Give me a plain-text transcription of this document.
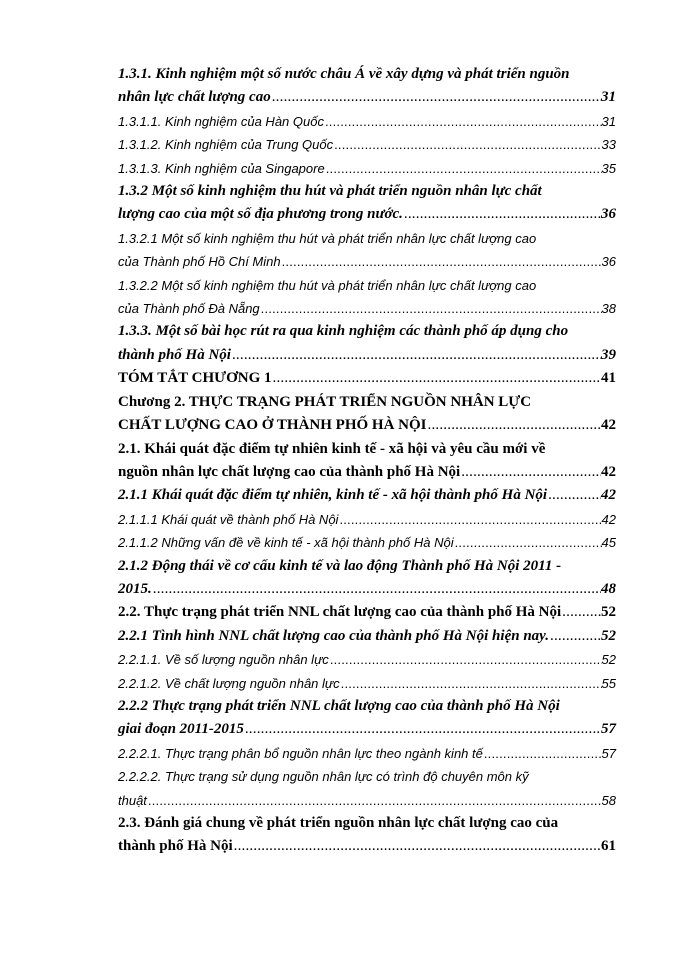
1.3.1. Kinh nghiệm một số nước châu Á về xây dựng và phát triển nguồn
nhân lực chất lượng cao .....	31
1.3.1.1. Kinh nghiệm của Hàn Quốc .....	31
1.3.1.2. Kinh nghiệm của Trung Quốc .....	33
1.3.1.3. Kinh nghiệm của Singapore .....	35
1.3.2 Một số kinh nghiệm thu hút và phát triển nguồn nhân lực chất
lượng cao của một số địa phương trong nước. .....	36
1.3.2.1 Một số kinh nghiệm thu hút và phát triển nhân lực chất lượng cao
của Thành phố Hồ Chí Minh .....	36
1.3.2.2 Một số kinh nghiệm thu hút và phát triển nhân lực chất lượng cao
của Thành phố Đà Nẵng .....	38
1.3.3. Một số bài học rút ra qua kinh nghiệm các thành phố áp dụng cho
thành phố Hà Nội .....	39
TÓM TẮT CHƯƠNG 1 .....	41
Chương 2. THỰC TRẠNG PHÁT TRIỂN NGUỒN NHÂN LỰC
CHẤT LƯỢNG CAO Ở THÀNH PHỐ HÀ NỘI .....	42
2.1. Khái quát đặc điểm tự nhiên kinh tế - xã hội và yêu cầu mới về
nguồn nhân lực chất lượng cao của thành phố Hà Nội .....	42
2.1.1 Khái quát đặc điểm tự nhiên, kinh tế - xã hội thành phố Hà Nội .....	42
2.1.1.1 Khái quát về thành phố Hà Nội .....	42
2.1.1.2 Những vấn đề về kinh tế - xã hội thành phố Hà Nội .....	45
2.1.2 Động thái về cơ cấu kinh tế và lao động Thành phố Hà Nội 2011 -
2015. .....	48
2.2. Thực trạng phát triển NNL chất lượng cao của thành phố Hà Nội .....	52
2.2.1 Tình hình NNL chất lượng cao của thành phố Hà Nội hiện nay. .....	52
2.2.1.1. Về số lượng nguồn nhân lực .....	52
2.2.1.2. Về chất lượng nguồn nhân lực .....	55
2.2.2 Thực trạng phát triển NNL chất lượng cao của thành phố Hà Nội
giai đoạn 2011-2015 .....	57
2.2.2.1. Thực trạng phân bổ nguồn nhân lực theo ngành kinh tế .....	57
2.2.2.2. Thực trạng sử dụng nguồn nhân lực có trình độ chuyên môn kỹ
thuật .....	58
2.3. Đánh giá chung về phát triển nguồn nhân lực chất lượng cao của
thành phố Hà Nội .....	61
